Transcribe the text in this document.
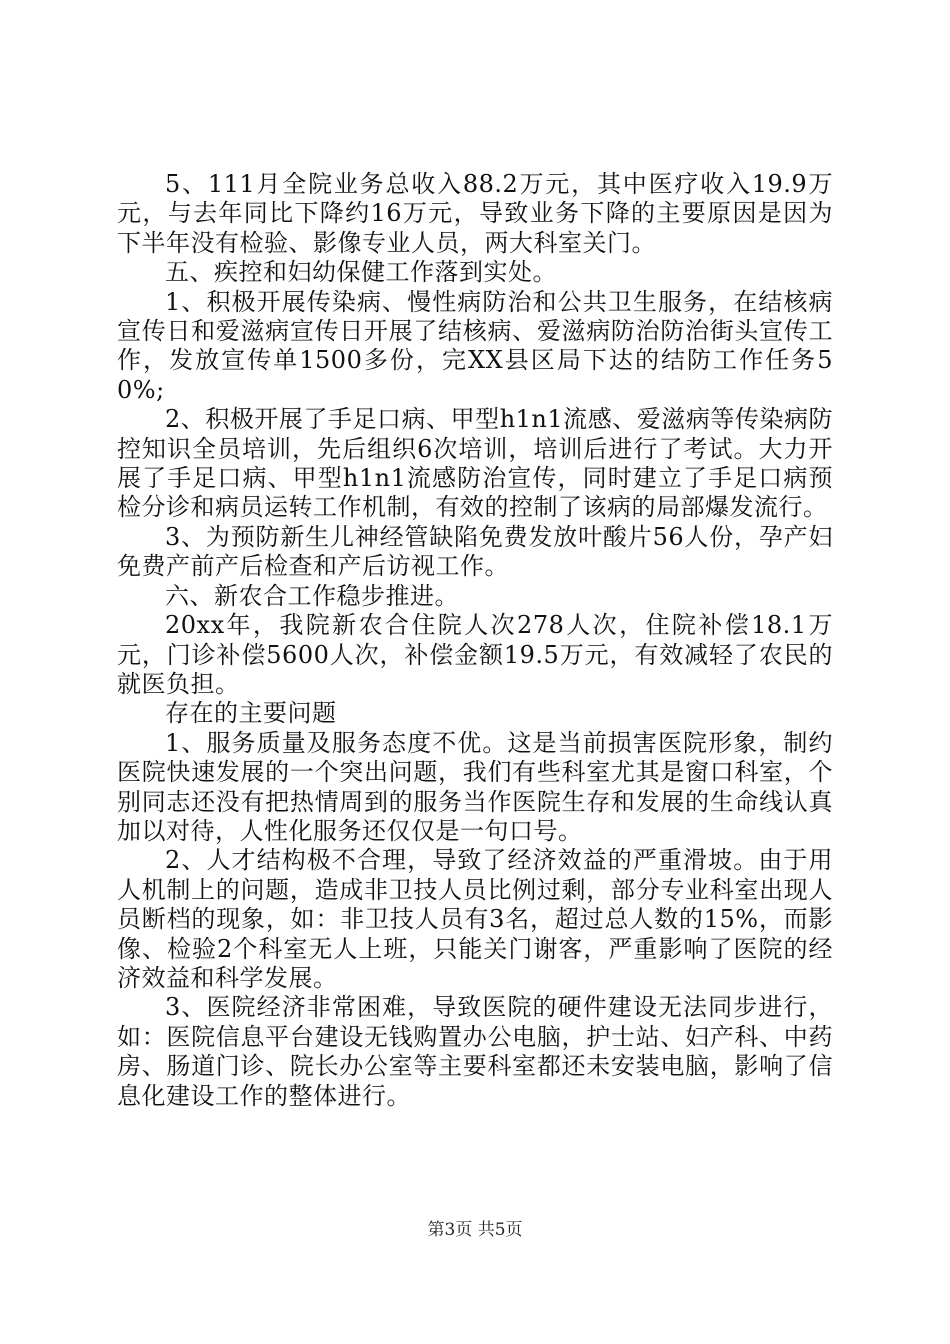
5、111月全院业务总收入88.2万元，其中医疗收入19.9万元，与去年同比下降约16万元，导致业务下降的主要原因是因为下半年没有检验、影像专业人员，两大科室关门。

五、疾控和妇幼保健工作落到实处。

1、积极开展传染病、慢性病防治和公共卫生服务，在结核病宣传日和爱滋病宣传日开展了结核病、爱滋病防治防治街头宣传工作，发放宣传单1500多份，完XX县区局下达的结防工作任务50%;

2、积极开展了手足口病、甲型h1n1流感、爱滋病等传染病防控知识全员培训，先后组织6次培训，培训后进行了考试。大力开展了手足口病、甲型h1n1流感防治宣传，同时建立了手足口病预检分诊和病员运转工作机制，有效的控制了该病的局部爆发流行。

3、为预防新生儿神经管缺陷免费发放叶酸片56人份，孕产妇免费产前产后检查和产后访视工作。

六、新农合工作稳步推进。

20xx年，我院新农合住院人次278人次，住院补偿18.1万元，门诊补偿5600人次，补偿金额19.5万元，有效减轻了农民的就医负担。

存在的主要问题

1、服务质量及服务态度不优。这是当前损害医院形象，制约医院快速发展的一个突出问题，我们有些科室尤其是窗口科室，个别同志还没有把热情周到的服务当作医院生存和发展的生命线认真加以对待，人性化服务还仅仅是一句口号。

2、人才结构极不合理，导致了经济效益的严重滑坡。由于用人机制上的问题，造成非卫技人员比例过剩，部分专业科室出现人员断档的现象，如：非卫技人员有3名，超过总人数的15%，而影像、检验2个科室无人上班，只能关门谢客，严重影响了医院的经济效益和科学发展。

3、医院经济非常困难，导致医院的硬件建设无法同步进行，如：医院信息平台建设无钱购置办公电脑，护士站、妇产科、中药房、肠道门诊、院长办公室等主要科室都还未安装电脑，影响了信息化建设工作的整体进行。

第3页 共5页
